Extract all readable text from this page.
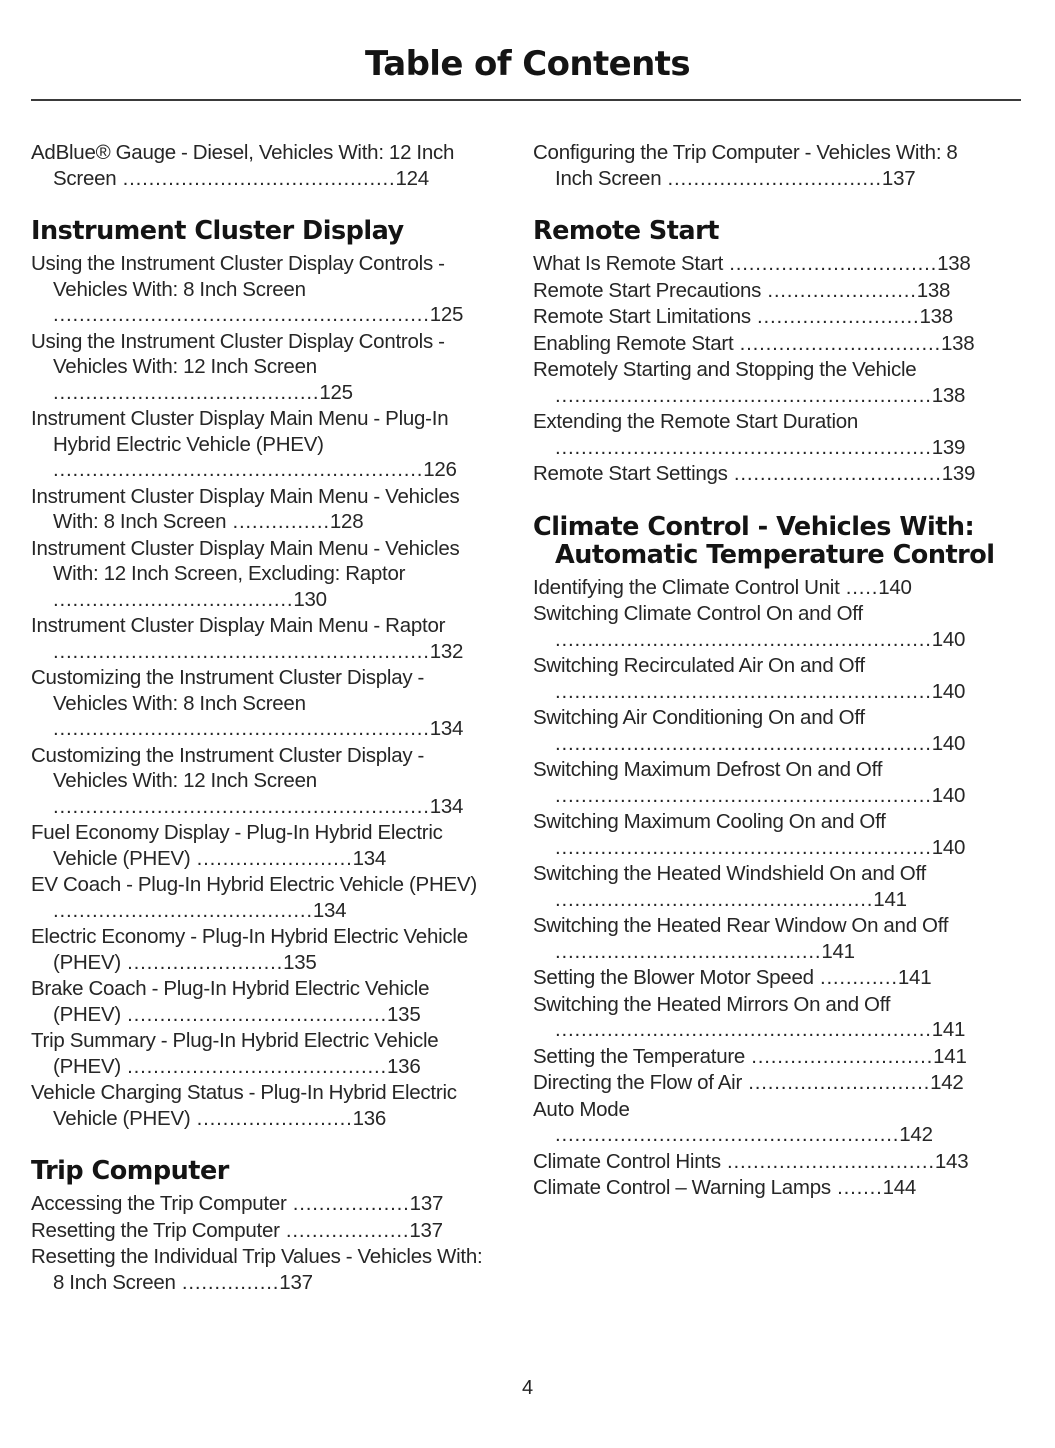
Table of Contents
AdBlue® Gauge - Diesel, Vehicles With: 12 Inch Screen ..........................................124
Instrument Cluster Display
Using the Instrument Cluster Display Controls - Vehicles With: 8 Inch Screen ..........................................................125
Using the Instrument Cluster Display Controls - Vehicles With: 12 Inch Screen .........................................125
Instrument Cluster Display Main Menu - Plug-In Hybrid Electric Vehicle (PHEV) .........................................................126
Instrument Cluster Display Main Menu - Vehicles With: 8 Inch Screen ...............128
Instrument Cluster Display Main Menu - Vehicles With: 12 Inch Screen, Excluding: Raptor .....................................130
Instrument Cluster Display Main Menu - Raptor ..........................................................132
Customizing the Instrument Cluster Display - Vehicles With: 8 Inch Screen ..........................................................134
Customizing the Instrument Cluster Display - Vehicles With: 12 Inch Screen ..........................................................134
Fuel Economy Display - Plug-In Hybrid Electric Vehicle (PHEV) ........................134
EV Coach - Plug-In Hybrid Electric Vehicle (PHEV) ........................................134
Electric Economy - Plug-In Hybrid Electric Vehicle (PHEV) ........................135
Brake Coach - Plug-In Hybrid Electric Vehicle (PHEV) ........................................135
Trip Summary - Plug-In Hybrid Electric Vehicle (PHEV) ........................................136
Vehicle Charging Status - Plug-In Hybrid Electric Vehicle (PHEV) ........................136
Trip Computer
Accessing the Trip Computer ..................137
Resetting the Trip Computer ...................137
Resetting the Individual Trip Values - Vehicles With: 8 Inch Screen ...............137
Configuring the Trip Computer - Vehicles With: 8 Inch Screen .................................137
Remote Start
What Is Remote Start ................................138
Remote Start Precautions .......................138
Remote Start Limitations .........................138
Enabling Remote Start ...............................138
Remotely Starting and Stopping the Vehicle ..........................................................138
Extending the Remote Start Duration ..........................................................139
Remote Start Settings ................................139
Climate Control - Vehicles With: Automatic Temperature Control
Identifying the Climate Control Unit .....140
Switching Climate Control On and Off ..........................................................140
Switching Recirculated Air On and Off ..........................................................140
Switching Air Conditioning On and Off ..........................................................140
Switching Maximum Defrost On and Off ..........................................................140
Switching Maximum Cooling On and Off ..........................................................140
Switching the Heated Windshield On and Off .................................................141
Switching the Heated Rear Window On and Off .........................................141
Setting the Blower Motor Speed ............141
Switching the Heated Mirrors On and Off ..........................................................141
Setting the Temperature ............................141
Directing the Flow of Air ............................142
Auto Mode .....................................................142
Climate Control Hints ................................143
Climate Control – Warning Lamps .......144
4
